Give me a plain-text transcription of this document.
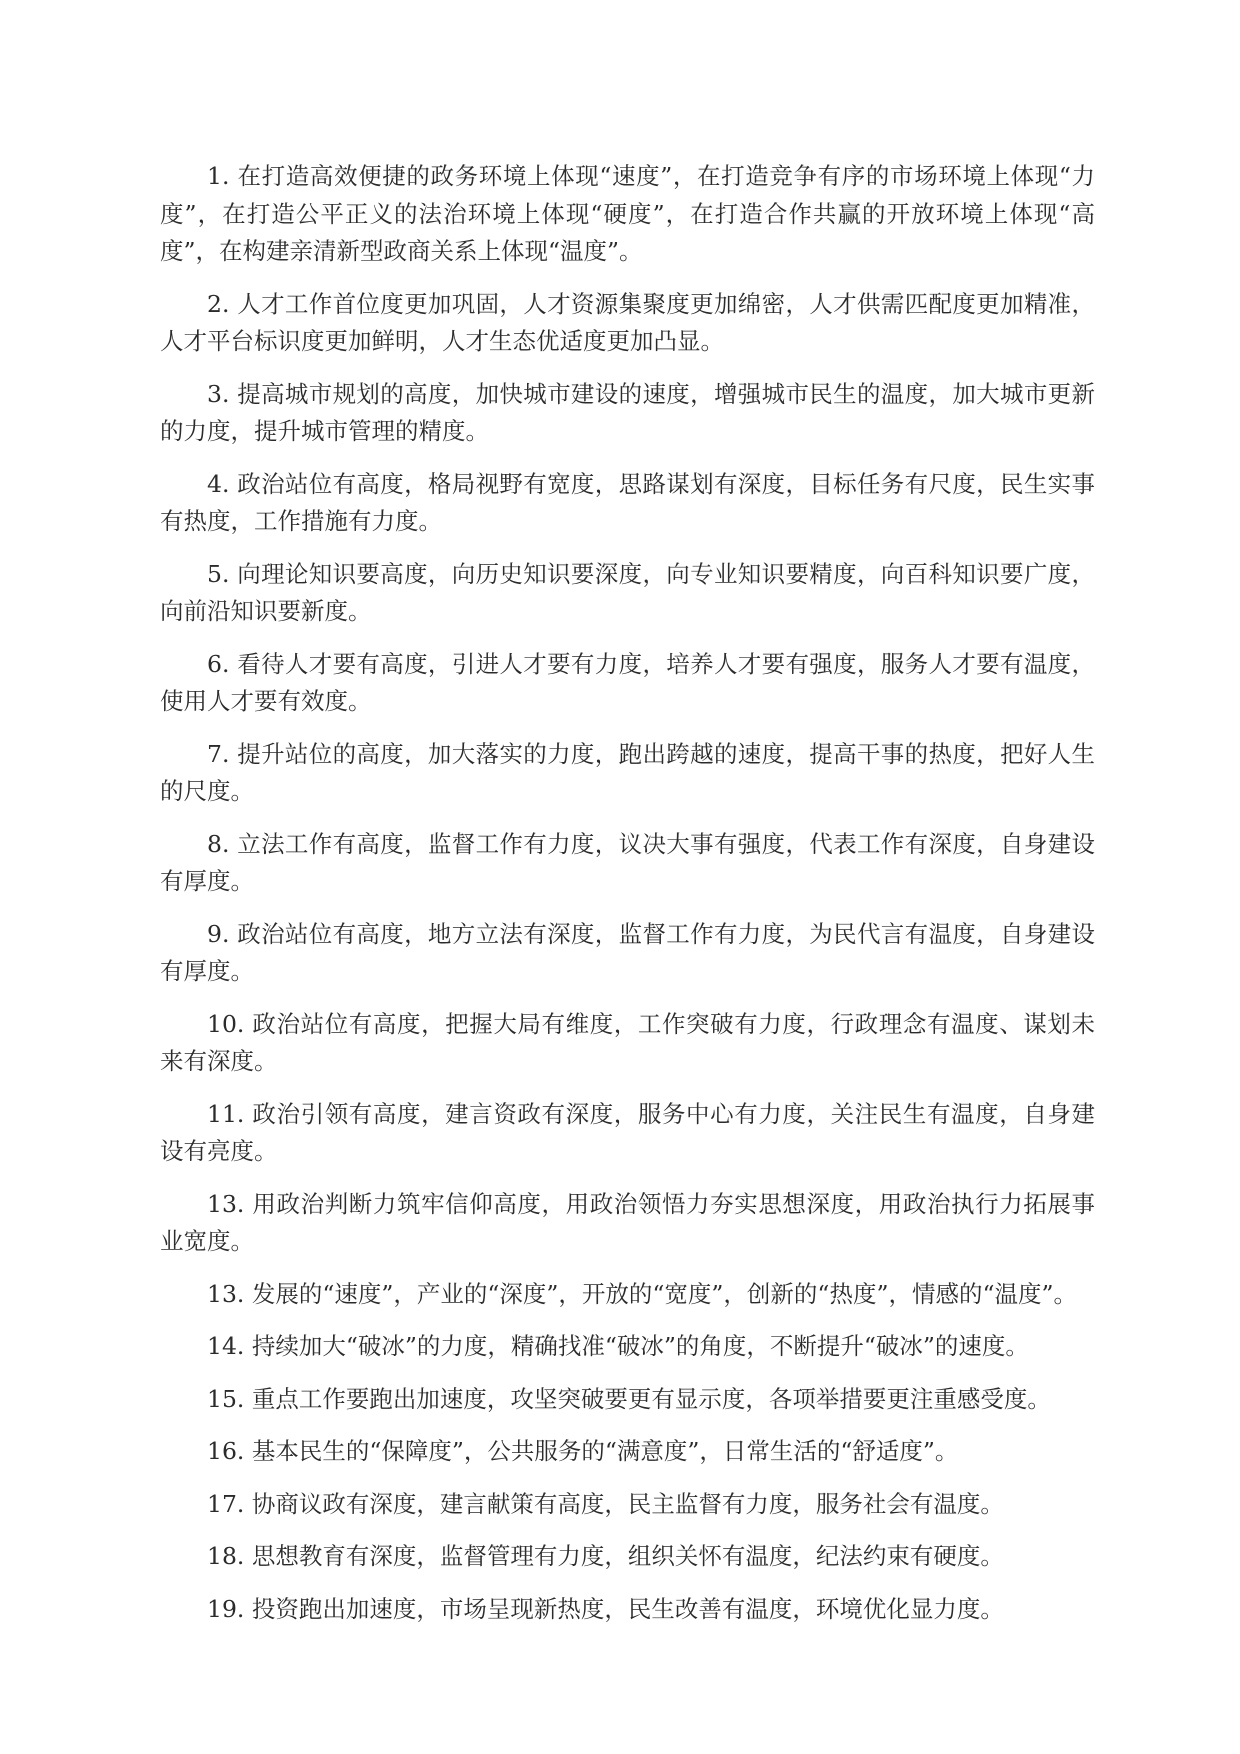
1. 在打造高效便捷的政务环境上体现“速度”，在打造竞争有序的市场环境上体现“力度”，在打造公平正义的法治环境上体现“硬度”，在打造合作共赢的开放环境上体现“高度”，在构建亲清新型政商关系上体现“温度”。

2. 人才工作首位度更加巩固，人才资源集聚度更加绵密，人才供需匹配度更加精准，人才平台标识度更加鲜明，人才生态优适度更加凸显。

3. 提高城市规划的高度，加快城市建设的速度，增强城市民生的温度，加大城市更新的力度，提升城市管理的精度。

4. 政治站位有高度，格局视野有宽度，思路谋划有深度，目标任务有尺度，民生实事有热度，工作措施有力度。

5. 向理论知识要高度，向历史知识要深度，向专业知识要精度，向百科知识要广度，向前沿知识要新度。

6. 看待人才要有高度，引进人才要有力度，培养人才要有强度，服务人才要有温度，使用人才要有效度。

7. 提升站位的高度，加大落实的力度，跑出跨越的速度，提高干事的热度，把好人生的尺度。

8. 立法工作有高度，监督工作有力度，议决大事有强度，代表工作有深度，自身建设有厚度。

9. 政治站位有高度，地方立法有深度，监督工作有力度，为民代言有温度，自身建设有厚度。

10. 政治站位有高度，把握大局有维度，工作突破有力度，行政理念有温度、谋划未来有深度。

11. 政治引领有高度，建言资政有深度，服务中心有力度，关注民生有温度，自身建设有亮度。

13. 用政治判断力筑牢信仰高度，用政治领悟力夯实思想深度，用政治执行力拓展事业宽度。

13. 发展的“速度”，产业的“深度”，开放的“宽度”，创新的“热度”，情感的“温度”。

14. 持续加大“破冰”的力度，精确找准“破冰”的角度，不断提升“破冰”的速度。

15. 重点工作要跑出加速度，攻坚突破要更有显示度，各项举措要更注重感受度。

16. 基本民生的“保障度”，公共服务的“满意度”，日常生活的“舒适度”。

17. 协商议政有深度，建言献策有高度，民主监督有力度，服务社会有温度。

18. 思想教育有深度，监督管理有力度，组织关怀有温度，纪法约束有硬度。

19. 投资跑出加速度，市场呈现新热度，民生改善有温度，环境优化显力度。
